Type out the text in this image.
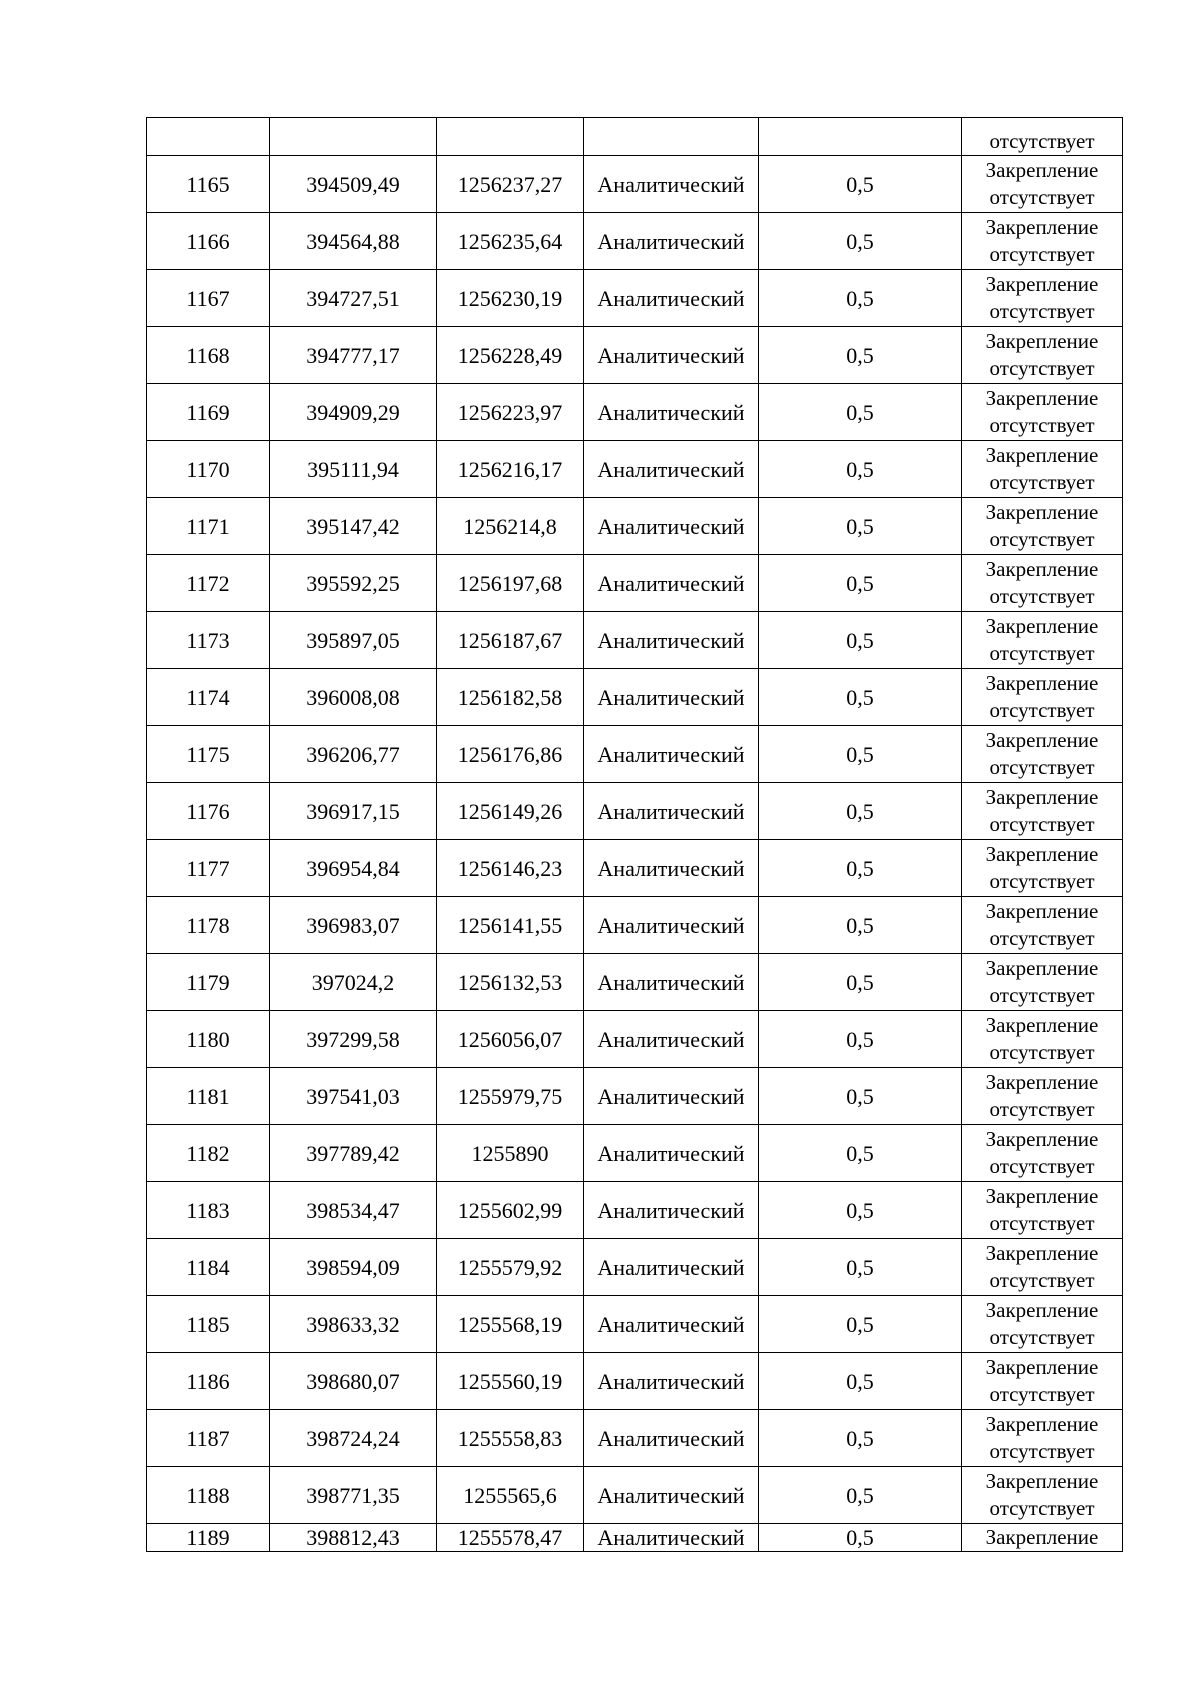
					отсутствует
1165	394509,49	1256237,27	Аналитический	0,5	Закрепление
отсутствует

1166	394564,88	1256235,64	Аналитический	0,5	Закрепление
отсутствует

1167	394727,51	1256230,19	Аналитический	0,5	Закрепление
отсутствует

1168	394777,17	1256228,49	Аналитический	0,5	Закрепление
отсутствует

1169	394909,29	1256223,97	Аналитический	0,5	Закрепление
отсутствует

1170	395111,94	1256216,17	Аналитический	0,5	Закрепление
отсутствует

1171	395147,42	1256214,8	Аналитический	0,5	Закрепление
отсутствует

1172	395592,25	1256197,68	Аналитический	0,5	Закрепление
отсутствует

1173	395897,05	1256187,67	Аналитический	0,5	Закрепление
отсутствует

1174	396008,08	1256182,58	Аналитический	0,5	Закрепление
отсутствует

1175	396206,77	1256176,86	Аналитический	0,5	Закрепление
отсутствует

1176	396917,15	1256149,26	Аналитический	0,5	Закрепление
отсутствует

1177	396954,84	1256146,23	Аналитический	0,5	Закрепление
отсутствует

1178	396983,07	1256141,55	Аналитический	0,5	Закрепление
отсутствует

1179	397024,2	1256132,53	Аналитический	0,5	Закрепление
отсутствует

1180	397299,58	1256056,07	Аналитический	0,5	Закрепление
отсутствует

1181	397541,03	1255979,75	Аналитический	0,5	Закрепление
отсутствует

1182	397789,42	1255890	Аналитический	0,5	Закрепление
отсутствует

1183	398534,47	1255602,99	Аналитический	0,5	Закрепление
отсутствует

1184	398594,09	1255579,92	Аналитический	0,5	Закрепление
отсутствует

1185	398633,32	1255568,19	Аналитический	0,5	Закрепление
отсутствует

1186	398680,07	1255560,19	Аналитический	0,5	Закрепление
отсутствует

1187	398724,24	1255558,83	Аналитический	0,5	Закрепление
отсутствует

1188	398771,35	1255565,6	Аналитический	0,5	Закрепление
отсутствует

1189	398812,43	1255578,47	Аналитический	0,5	Закрепление
